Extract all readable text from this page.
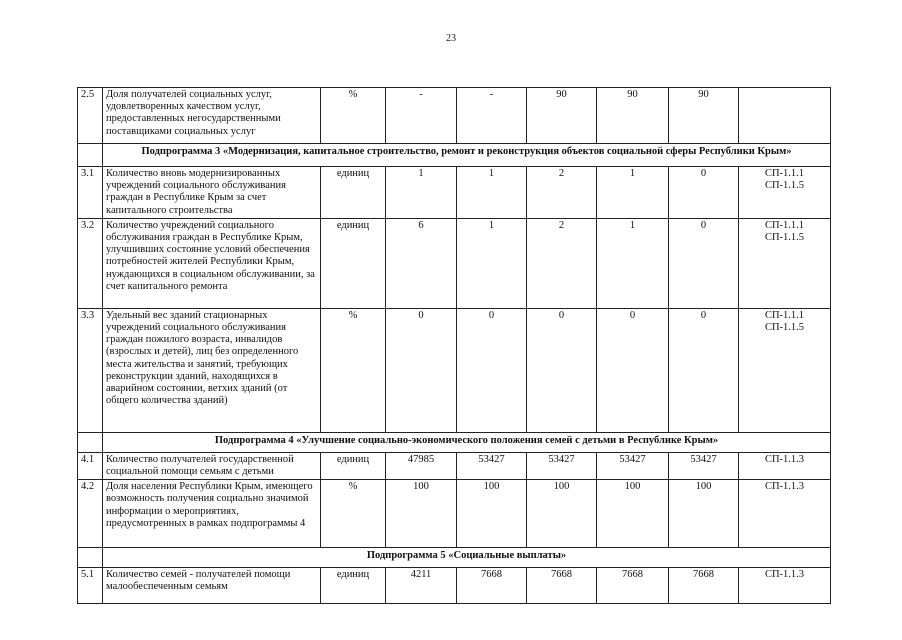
23
2.5	Доля получателей социальных услуг, удовлетворенных качеством услуг, предоставленных негосударственными поставщиками социальных услуг	%	-	-	90	90	90	
	Подпрограмма 3 «Модернизация, капитальное строительство, ремонт и реконструкция объектов социальной сферы Республики Крым»							
3.1	Количество вновь модернизированных учреждений социального обслуживания граждан в Республике Крым за счет капитального строительства	единиц	1	1	2	1	0	СП-1.1.1
СП-1.1.5

3.2	Количество учреждений социального обслуживания граждан в Республике Крым, улучшивших состояние условий обеспечения потребностей жителей Республики Крым, нуждающихся в социальном обслуживании, за счет капитального ремонта	единиц	6	1	2	1	0	СП-1.1.1
СП-1.1.5

3.3	Удельный вес зданий стационарных учреждений социального обслуживания граждан пожилого возраста, инвалидов (взрослых и детей), лиц без определенного места жительства и занятий, требующих реконструкции зданий, находящихся в аварийном состоянии, ветхих зданий (от общего количества зданий)	%	0	0	0	0	0	СП-1.1.1
СП-1.1.5

	Подпрограмма 4 «Улучшение социально-экономического положения семей с детьми в Республике Крым»							
4.1	Количество получателей государственной социальной помощи семьям с детьми	единиц	47985	53427	53427	53427	53427	СП-1.1.3

4.2	Доля населения Республики Крым, имеющего возможность получения социально значимой информации о мероприятиях, предусмотренных в рамках подпрограммы 4	%	100	100	100	100	100	СП-1.1.3

	Подпрограмма 5 «Социальные выплаты»							
5.1	Количество семей - получателей помощи малообеспеченным семьям	единиц	4211	7668	7668	7668	7668	СП-1.1.3
